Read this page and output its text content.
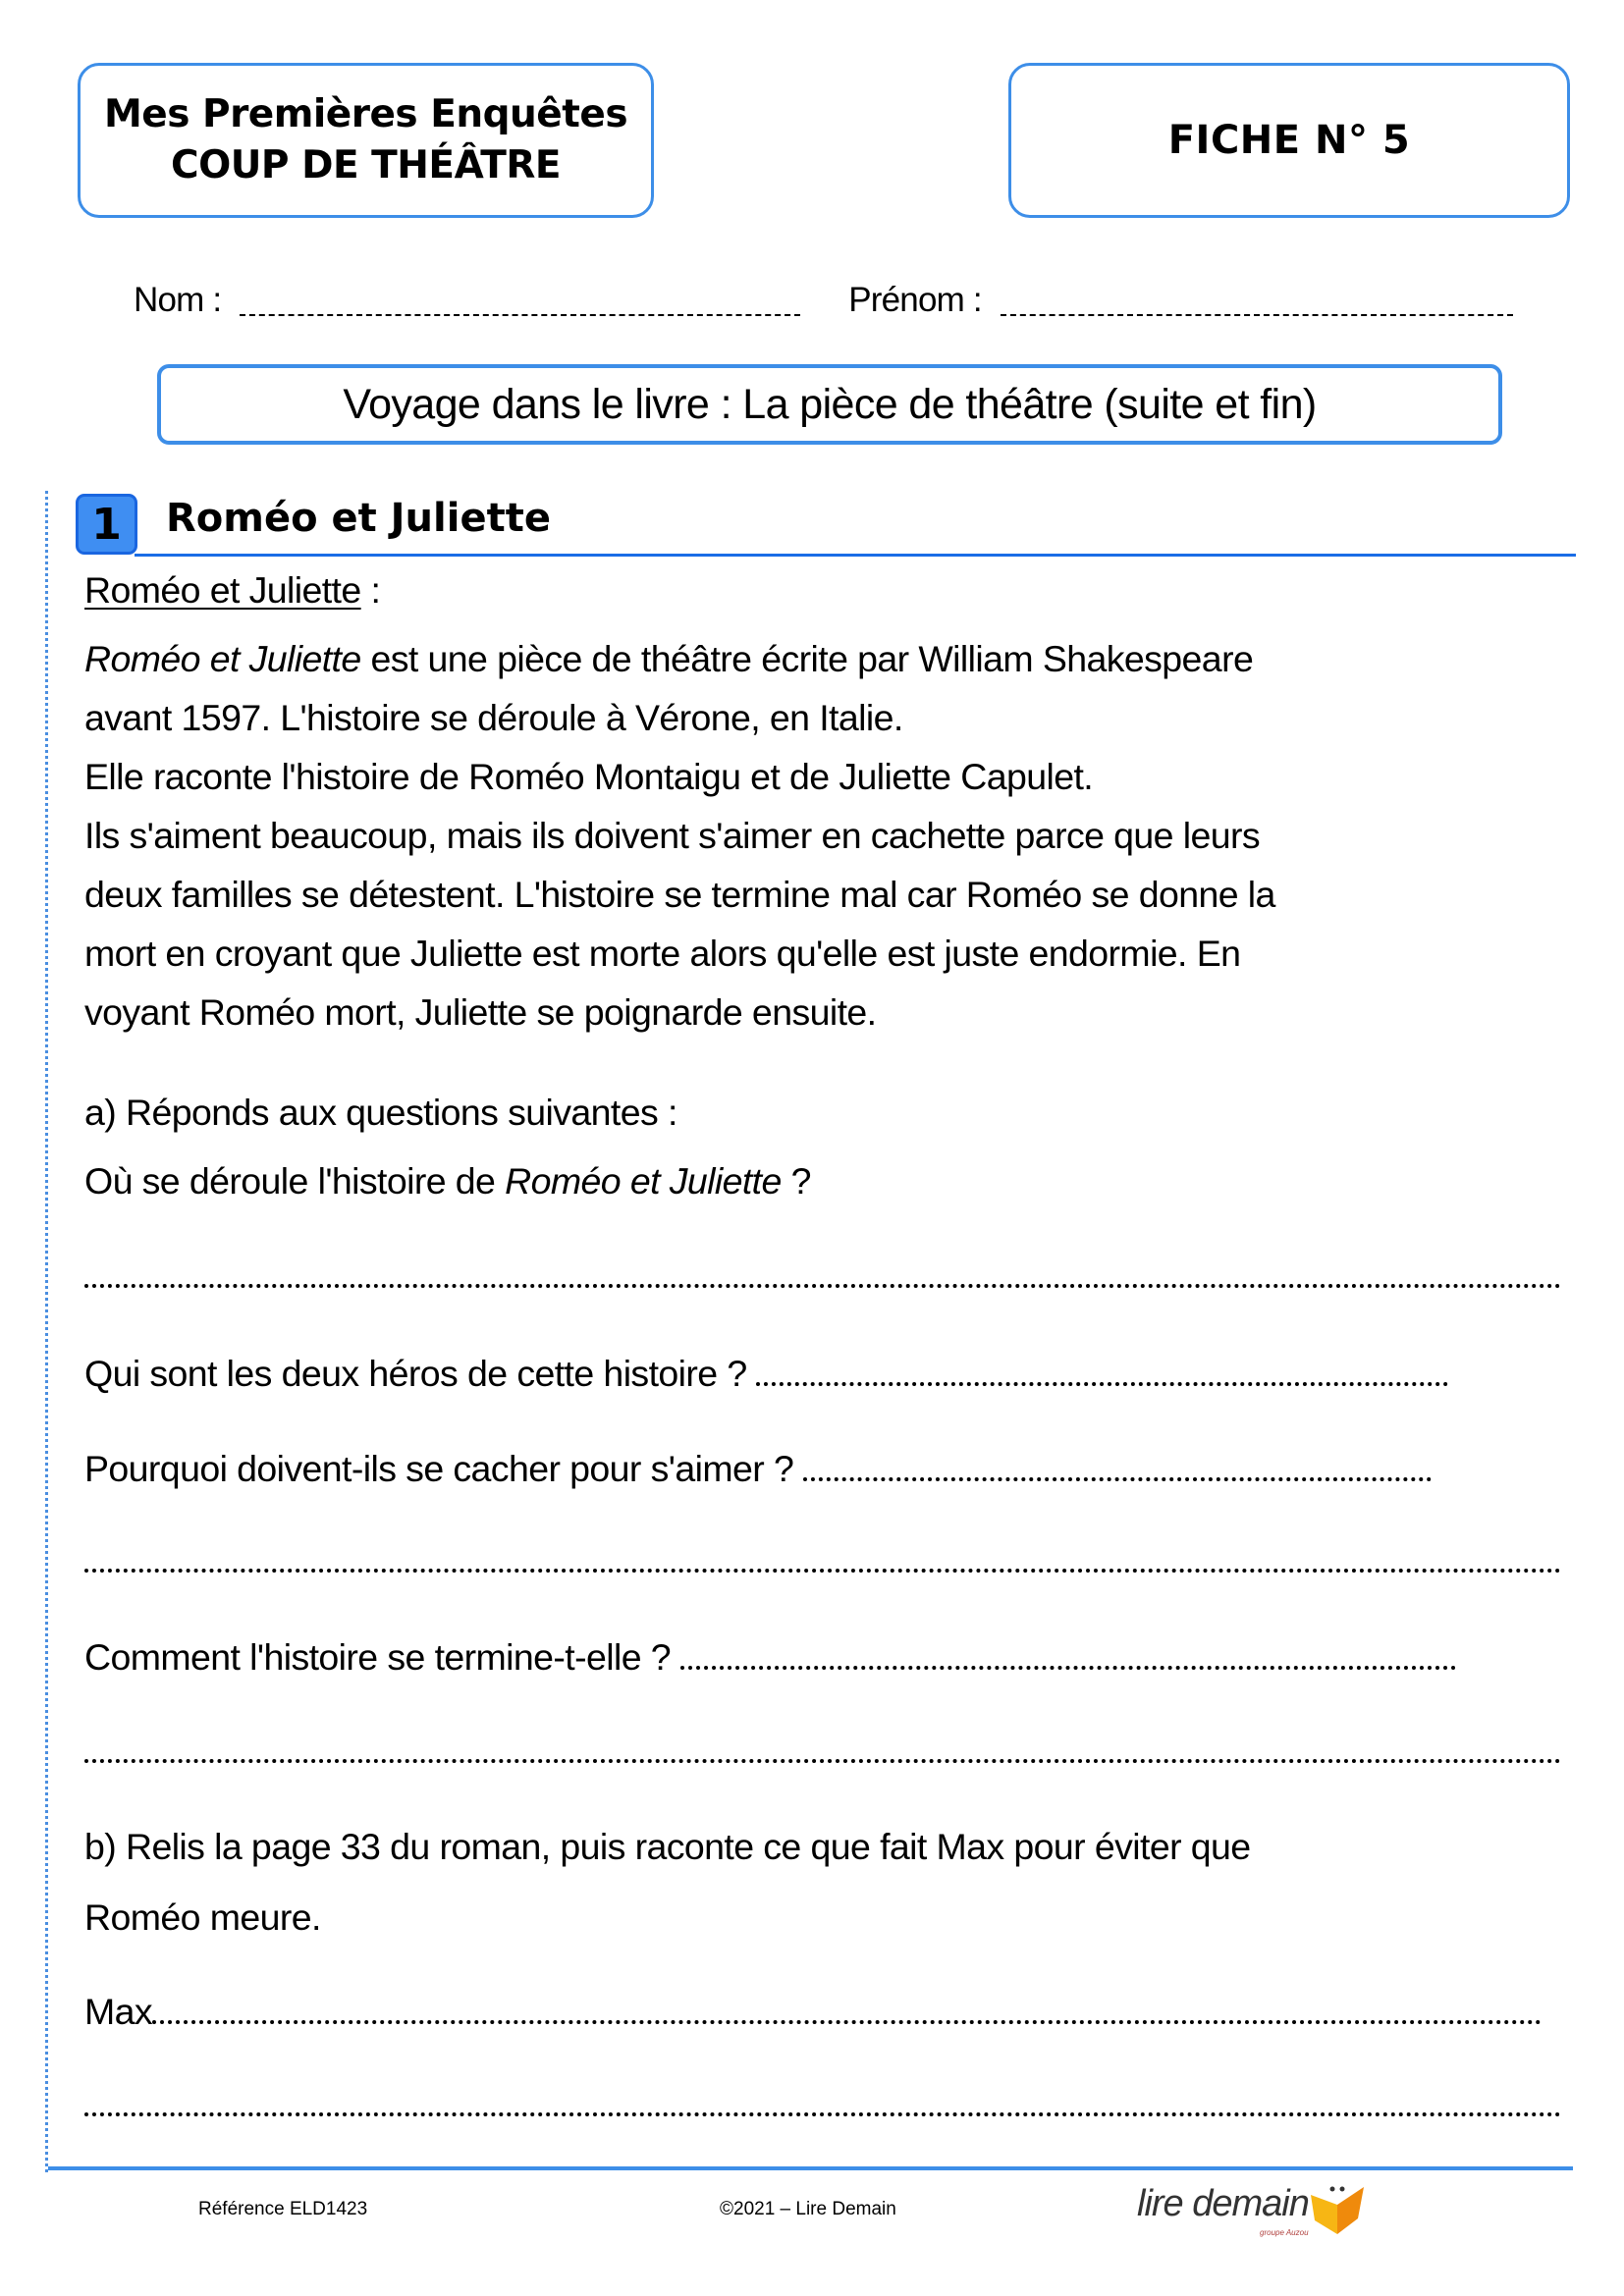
Mes Premières Enquêtes
COUP DE THÉÂTRE
FICHE N° 5
Nom :	Prénom :
Voyage dans le livre : La pièce de théâtre (suite et fin)
1	Roméo et Juliette
Roméo et Juliette :
Roméo et Juliette est une pièce de théâtre écrite par William Shakespeare
avant 1597. L'histoire se déroule à Vérone, en Italie.
Elle raconte l'histoire de Roméo Montaigu et de Juliette Capulet.
Ils s'aiment beaucoup, mais ils doivent s'aimer en cachette parce que leurs
deux familles se détestent. L'histoire se termine mal car Roméo se donne la
mort en croyant que Juliette est morte alors qu'elle est juste endormie. En
voyant Roméo mort, Juliette se poignarde ensuite.
a) Réponds aux questions suivantes :
Où se déroule l'histoire de Roméo et Juliette ?
Qui sont les deux héros de cette histoire ?
Pourquoi doivent-ils se cacher pour s'aimer ?
Comment l'histoire se termine-t-elle ?
b) Relis la page 33 du roman, puis raconte ce que fait Max pour éviter que
Roméo meure.
Max
Référence ELD1423	©2021 – Lire Demain	lire demain
groupe Auzou
